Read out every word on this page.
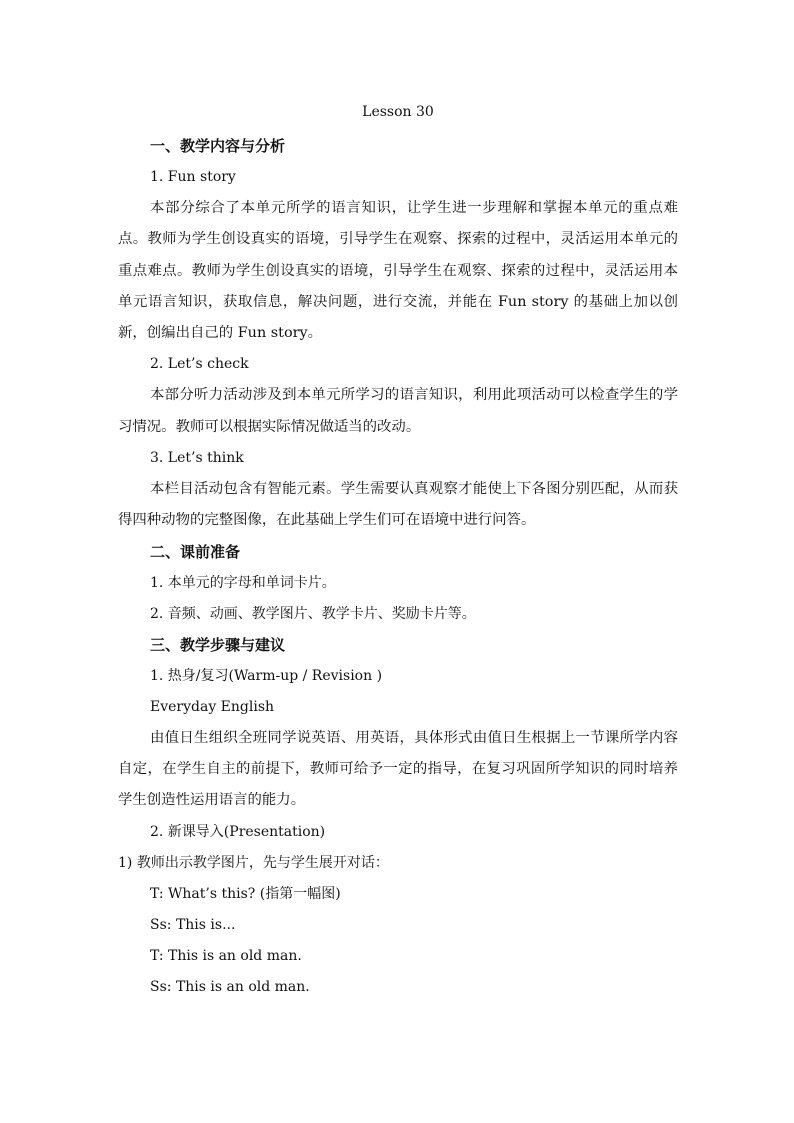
Lesson 30
一、教学内容与分析
1. Fun story
本部分综合了本单元所学的语言知识，让学生进一步理解和掌握本单元的重点难点。教师为学生创设真实的语境，引导学生在观察、探索的过程中，灵活运用本单元的重点难点。教师为学生创设真实的语境，引导学生在观察、探索的过程中，灵活运用本单元语言知识，获取信息，解决问题，进行交流，并能在 Fun story 的基础上加以创新，创编出自己的 Fun story。
2. Let’s check
本部分听力活动涉及到本单元所学习的语言知识，利用此项活动可以检查学生的学习情况。教师可以根据实际情况做适当的改动。
3. Let’s think
本栏目活动包含有智能元素。学生需要认真观察才能使上下各图分别匹配，从而获得四种动物的完整图像，在此基础上学生们可在语境中进行问答。
二、课前准备
1. 本单元的字母和单词卡片。
2. 音频、动画、教学图片、教学卡片、奖励卡片等。
三、教学步骤与建议
1. 热身/复习(Warm-up / Revision )
Everyday English
由值日生组织全班同学说英语、用英语，具体形式由值日生根据上一节课所学内容自定，在学生自主的前提下，教师可给予一定的指导，在复习巩固所学知识的同时培养学生创造性运用语言的能力。
2. 新课导入(Presentation)
1) 教师出示教学图片，先与学生展开对话：
T: What’s this? (指第一幅图)
Ss: This is...
T: This is an old man.
Ss: This is an old man.
